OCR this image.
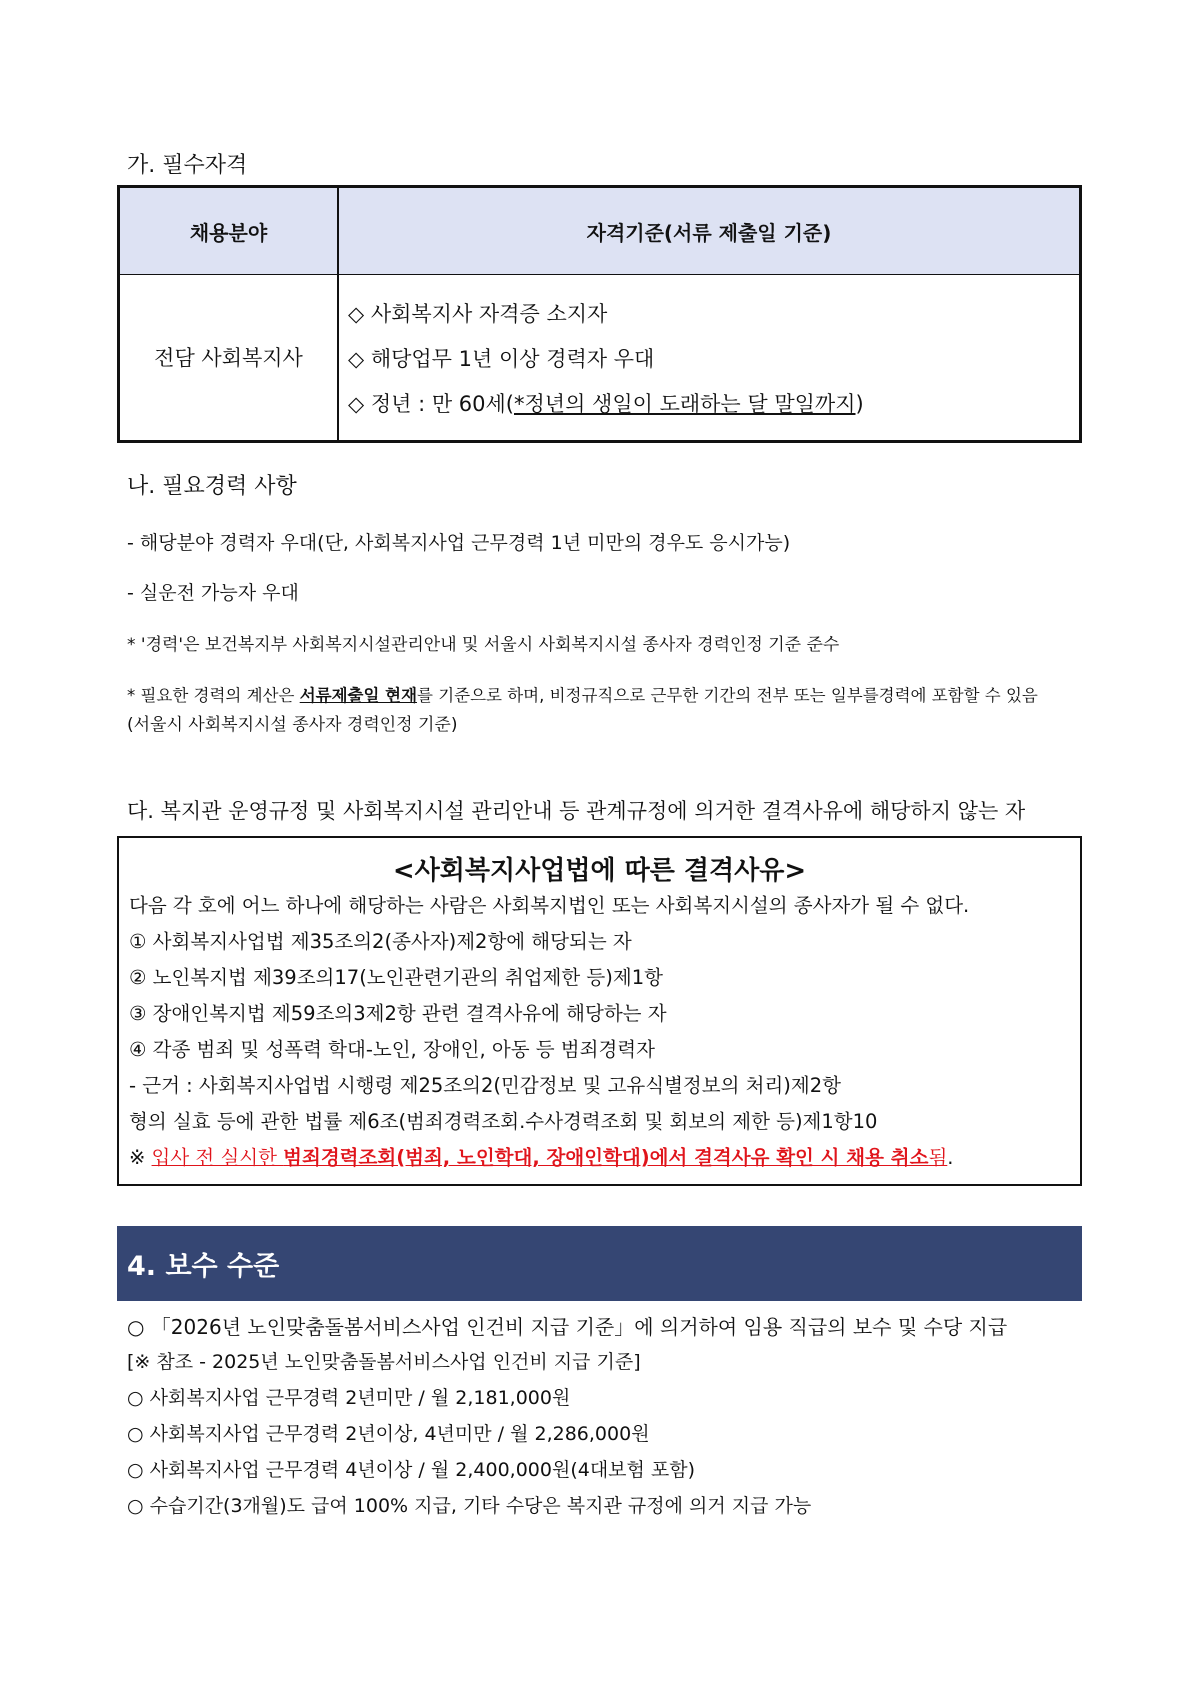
가. 필수자격
채용분야	자격기준(서류 제출일 기준)
전담 사회복지사
◇ 사회복지사 자격증 소지자
◇ 해당업무 1년 이상 경력자 우대
◇ 정년 : 만 60세(*정년의 생일이 도래하는 달 말일까지)
나. 필요경력 사항
- 해당분야 경력자 우대(단, 사회복지사업 근무경력 1년 미만의 경우도 응시가능)
- 실운전 가능자 우대
* '경력'은 보건복지부 사회복지시설관리안내 및 서울시 사회복지시설 종사자 경력인정 기준 준수
* 필요한 경력의 계산은 서류제출일 현재를 기준으로 하며, 비정규직으로 근무한 기간의 전부 또는 일부를경력에 포함할 수 있음
(서울시 사회복지시설 종사자 경력인정 기준)
다. 복지관 운영규정 및 사회복지시설 관리안내 등 관계규정에 의거한 결격사유에 해당하지 않는 자
<사회복지사업법에 따른 결격사유>
다음 각 호에 어느 하나에 해당하는 사람은 사회복지법인 또는 사회복지시설의 종사자가 될 수 없다.
① 사회복지사업법 제35조의2(종사자)제2항에 해당되는 자
② 노인복지법 제39조의17(노인관련기관의 취업제한 등)제1항
③ 장애인복지법 제59조의3제2항 관련 결격사유에 해당하는 자
④ 각종 범죄 및 성폭력 학대-노인, 장애인, 아동 등 범죄경력자
- 근거 : 사회복지사업법 시행령 제25조의2(민감정보 및 고유식별정보의 처리)제2항
형의 실효 등에 관한 법률 제6조(범죄경력조회.수사경력조회 및 회보의 제한 등)제1항10
※ 입사 전 실시한 범죄경력조회(범죄, 노인학대, 장애인학대)에서 결격사유 확인 시 채용 취소됨.
4. 보수 수준
○ 「2026년 노인맞춤돌봄서비스사업 인건비 지급 기준」에 의거하여 임용 직급의 보수 및 수당 지급
[※ 참조 - 2025년 노인맞춤돌봄서비스사업 인건비 지급 기준]
○ 사회복지사업 근무경력 2년미만 / 월 2,181,000원
○ 사회복지사업 근무경력 2년이상, 4년미만 / 월 2,286,000원
○ 사회복지사업 근무경력 4년이상 / 월 2,400,000원(4대보험 포함)
○ 수습기간(3개월)도 급여 100% 지급, 기타 수당은 복지관 규정에 의거 지급 가능
